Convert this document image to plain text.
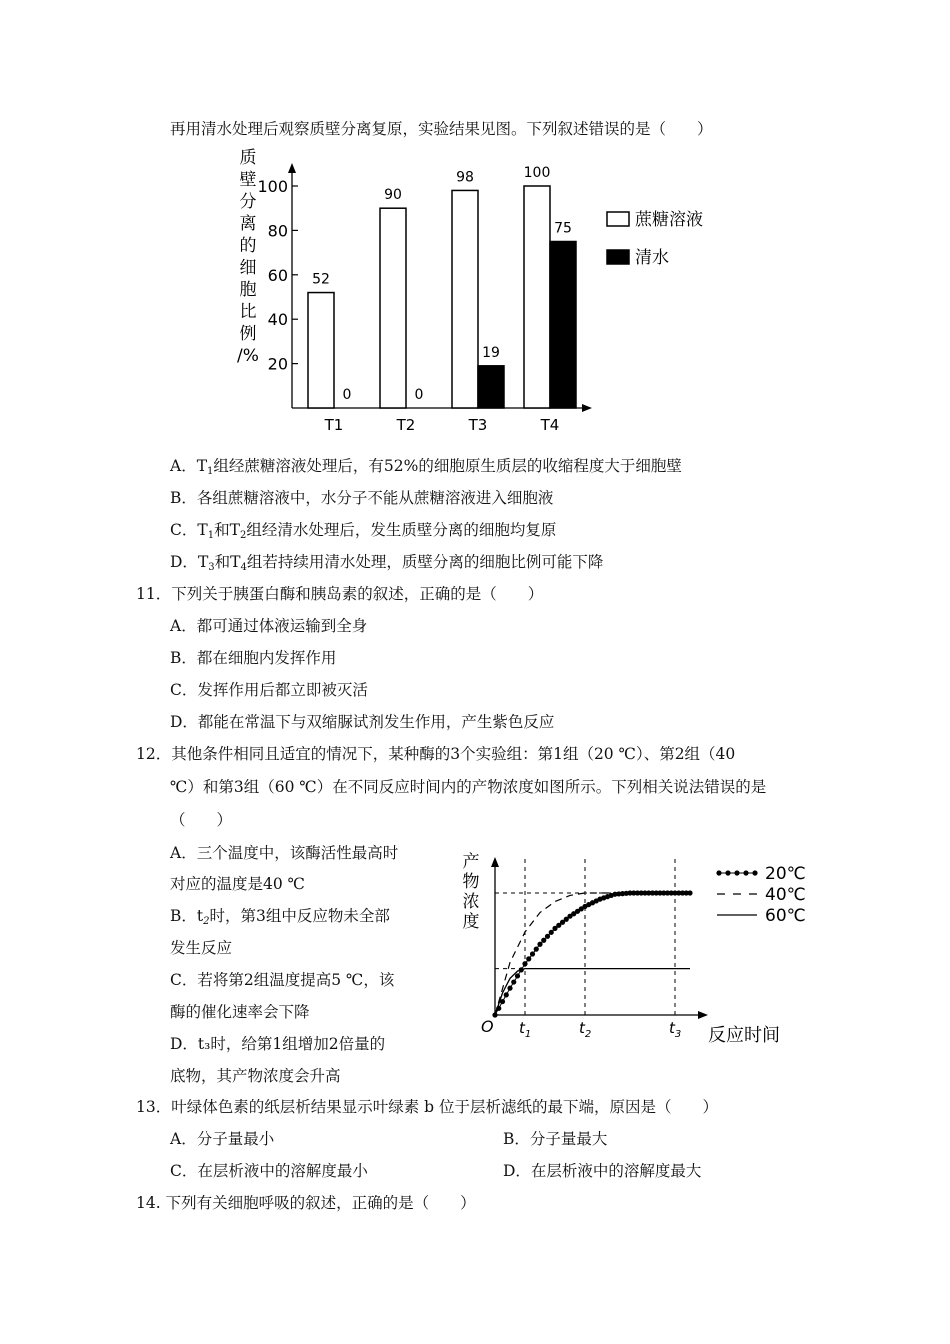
再用清水处理后观察质壁分离复原，实验结果见图。下列叙述错误的是（　　）
质
壁
分
离
的
细
胞
比
例
/%
100
80
60
40
20
52
0
90
0
98
19
100
75
T1	T2	T3	T4
蔗糖溶液
清水
A．$T_1$组经蔗糖溶液处理后，有52%的细胞原生质层的收缩程度大于细胞壁
B．各组蔗糖溶液中，水分子不能从蔗糖溶液进入细胞液
C．$T_1$和$T_2$组经清水处理后，发生质壁分离的细胞均复原
D．$T_3$和$T_4$组若持续用清水处理，质壁分离的细胞比例可能下降
11．下列关于胰蛋白酶和胰岛素的叙述，正确的是（　　）
A．都可通过体液运输到全身
B．都在细胞内发挥作用
C．发挥作用后都立即被灭活
D．都能在常温下与双缩脲试剂发生作用，产生紫色反应
12．其他条件相同且适宜的情况下，某种酶的3个实验组：第1组（20 ℃）、第2组（40
℃）和第3组（60 ℃）在不同反应时间内的产物浓度如图所示。下列相关说法错误的是
（　　）
A．三个温度中，该酶活性最高时
对应的温度是40 ℃
B．$t_2$时，第3组中反应物未全部
发生反应
C．若将第2组温度提高5 ℃，该
酶的催化速率会下降
D．t₃时，给第1组增加2倍量的
底物，其产物浓度会升高
产
物
浓
度
O	反应时间
$t_1$	$t_2$	$t_3$
20℃
40℃
60℃
13．叶绿体色素的纸层析结果显示叶绿素 b 位于层析滤纸的最下端，原因是（　　）
A．分子量最小	B．分子量最大
C．在层析液中的溶解度最小	D．在层析液中的溶解度最大
14. 下列有关细胞呼吸的叙述，正确的是（　　）
